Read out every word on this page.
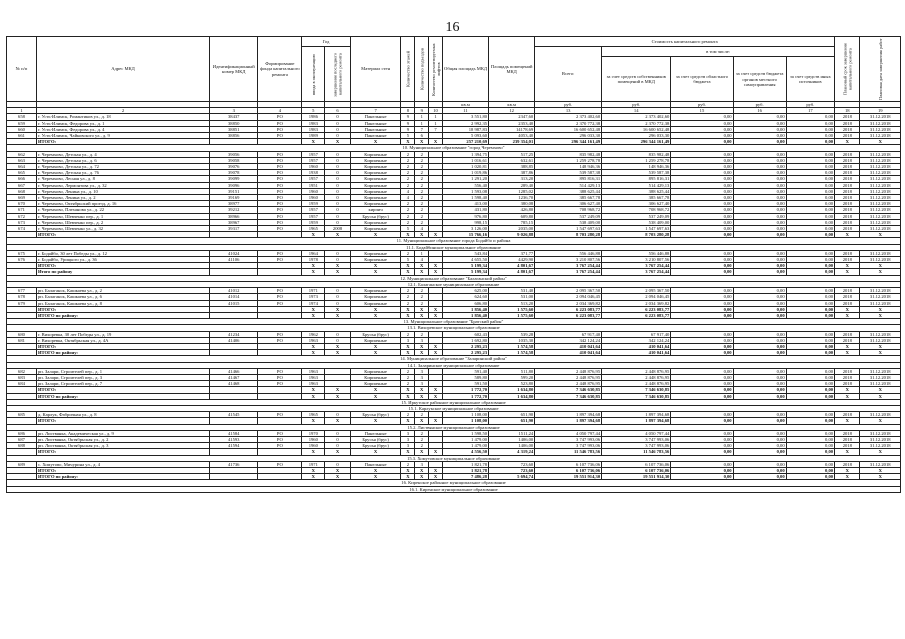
16
№ п/п	Адрес МКД	Идентификационный номер МКД	Формирование фонда капитального ремонта	Год		Материал стен	Количество этажей	Количество подъездов	Количество ремонтируемых лифтов	Общая площадь МКД	Площадь помещений МКД	Стоимость капитального ремонта					Плановый срок завершения капитального ремонта	Плановая дата завершения работ
				ввода в эксплуатацию	завершения последнего капитального ремонта							Всего:	в том числе:					
													за счет средств собственников помещений в МКД	за счет средств областного бюджета	за счет средств бюджета органов местного самоуправления	за счет средств иных источников		
										кв.м	кв.м	руб.	руб.	руб.	руб.	руб.		
1	2	3	4	5	6	7	8	9	10	11	12	13	14	15	16	17	18	19
658	г. Усть-Илимск, Романтиков ул., д. 18	38437	РО	1986	0	Панельные	9	1	1	3 551,80	2347,60	2 373 402,60	2 373 402,60	0,00	0,00	0,00	2018	31.12.2018
659	г. Усть-Илимск, Федорова ул., д. 1	38850	РО	1983	0	Панельные	9	1	1	2 992,35	2353,40	2 370 772,38	2 370 772,38	0,00	0,00	0,00	2018	31.12.2018
660	г. Усть-Илимск, Федорова ул., д. 4	38851	РО	1983	0	Панельные	9	7	7	18 987,83	14178,69	16 600 652,48	16 600 652,48	0,00	0,00	0,00	2018	31.12.2018
661	г. Усть-Илимск, Чайковского ул., д. 9	38856	РО	1989	0	Панельные	5	6		5 093,60	4053,40	296 033,30	296 033,30	0,00	0,00	0,00	2018	31.12.2018
	ИТОГО:			X	X	X	X	X	X	257 210,69	239 354,01	296 344 161,49	296 344 161,49	0,00	0,00	0,00	X	X
10. Муниципальное образование "город Черемхово"																		
662	г. Черемхово, Детская ул., д. 4	39056	РО	1957	0	Кирпичные	2	2		1 394,75	517,25	835 982,48	835 982,48	0,00	0,00	0,00	2018	31.12.2018
663	г. Черемхово, Детская ул., д. 6	39058	РО	1957	0	Кирпичные	2	2		1 016,61	632,61	1 259 278,78	1 259 278,78	0,00	0,00	0,00	2018	31.12.2018
664	г. Черемхово, Детская ул., д. 72	39076	РО	1960	0	Кирпичные	2	2		1 020,81	388,85	148 946,36	148 946,36	0,00	0,00	0,00	2018	31.12.2018
665	г. Черемхово, Детская ул., д. 76	39078	РО	1938	0	Кирпичные	2	2		1 019,86	387,86	539 587,38	539 587,38	0,00	0,00	0,00	2018	31.12.2018
666	г. Черемхово, Лесная ул., д. 8	39099	РО	1957	0	Кирпичные	2	2		1 291,20	313,20	895 816,31	895 816,31	0,00	0,00	0,00	2018	31.12.2018
667	г. Черемхово, Лермонтова ул., д. 32	39096	РО	1951	0	Кирпичные	2	2		556,40	289,40	514 429,13	514 429,13	0,00	0,00	0,00	2018	31.12.2018
668	г. Черемхово, Ленина ул., д. 10	39151	РО	1960	0	Кирпичные	4	2		1 593,08	1285,02	388 625,44	388 625,44	0,00	0,00	0,00	2018	31.12.2018
669	г. Черемхово, Ленина ул., д. 2	39169	РО	1960	0	Кирпичные	4	2		1 598,40	1236,70	385 667,78	385 667,78	0,00	0,00	0,00	2018	31.12.2018
670	г. Черемхово, Октябрьский проезд, д. 16	38977	РО	1959	0	Кирпичные	2	2		413,00	380,08	306 627,40	306 627,40	0,00	0,00	0,00	2018	31.12.2018
671	г. Черемхово, Плеханова ул., д. 22	39212	РО	1957	0	кирпич	2	2		431,80	426,80	708 968,72	708 968,72	0,00	0,00	0,00	2018	31.12.2018
672	г. Черемхово, Шевченко пер., д. 1	38966	РО	1957	0	Брусья (брус)	2	2		976,80	609,80	537 249,09	537 249,09	0,00	0,00	0,00	2018	31.12.2018
673	г. Черемхово, Шевченко пер., д. 2	38967	РО	1959	0	Кирпичные	2	2		998,15	785,15	538 409,00	538 409,00	0,00	0,00	0,00	2018	31.12.2018
674	г. Черемхово, Шевченко ул., д. 32	39317	РО	1965	2008	Кирпичные	5	4		3 126,00	2035,00	1 547 697,63	1 547 697,63	0,00	0,00	0,00	2018	31.12.2018
	ИТОГО:			X	X	X	X	X	X	15 766,16	9 026,88	8 703 280,28	8 703 280,28	0,00	0,00	0,00	X	X
11. Муниципальное образование города Бодайбо и района																		
11.1. Бодайбинское муниципальное образование																		
675	г. Бодайбо, 30 лет Победы ул., д. 12	41024	РО	1964	0	Кирпичные	2	1		543,84	371,77	556 446,88	556 446,88	0,00	0,00	0,00	2018	31.12.2018
676	г. Бодайбо, Урицкого ул., д. 36	41106	РО	1978	0	Кирпичные	5	4		4 655,50	4429,90	3 210 807,56	3 210 807,56	0,00	0,00	0,00	2018	31.12.2018
	ИТОГО:			X	X	X	X	X	X	5 199,34	4 801,67	3 767 254,44	3 767 254,44	0,00	0,00	0,00	X	X
	Итого по району			X	X	X	X	X	X	5 199,34	4 801,67	3 767 254,44	3 767 254,44	0,00	0,00	0,00	X	X
12. Муниципальное образование "Балаганский район"																		
12.1. Балаганское муниципальное образование																		
677	рп. Балаганск, Кашкаева ул., д. 2	41012	РО	1971	0	Кирпичные	2	2		625,00	531,40	2 095 367,50	2 095 367,50	0,00	0,00	0,00	2018	31.12.2018
678	рп. Балаганск, Кашкаева ул., д. 6	41014	РО	1973	0	Кирпичные	2	2		624,60	531,00	2 094 046,45	2 094 046,45	0,00	0,00	0,00	2018	31.12.2018
679	рп. Балаганск, Кашкаева ул., д. 8	41015	РО	1974	0	Кирпичные	2	2		606,80	513,20	2 034 369,82	2 034 369,82	0,00	0,00	0,00	2018	31.12.2018
	ИТОГО:			X	X	X	X	X	X	1 856,40	1 575,60	6 223 083,77	6 223 083,77	0,00	0,00	0,00	X	X
	ИТОГО по району:			X	X	X	X	X	X	1 856,40	1 575,60	6 223 083,77	6 223 083,77	0,00	0,00	0,00	X	X
13. Муниципальное образование "Братский район"																		
13.1. Вихоревское муниципальное образование																		
680	г. Вихоревка, 30 лет Победы ул., д. 19	41234	РО	1962	0	Брусья (брус)	2	2		602,43	539,28	67 917,40	67 917,40	0,00	0,00	0,00	2018	31.12.2018
681	г. Вихоревка, Октябрьская ул., д. 4А	41406	РО	1963	0	Кирпичные	3	3		1 692,80	1035,30	342 124,24	342 124,24	0,00	0,00	0,00	2018	31.12.2018
	ИТОГО:			X	X	X	X	X	X	2 295,23	1 574,58	410 041,64	410 041,64	0,00	0,00	0,00	X	X
	ИТОГО по району:			X	X	X	X	X	X	2 295,23	1 574,58	410 041,64	410 041,64	0,00	0,00	0,00	X	X
14. Муниципальное образование "Заларинский район"																		
14.1. Заларинское муниципальное образование																		
682	рп. Залари, Строителей пер., д. 1	41466	РО	1963		Кирпичные	2	3		591,40	511,80	2 448 876,95	2 448 876,95	0,00	0,00	0,00	2018	31.12.2018
683	рп. Залари, Строителей пер., д. 3	41467	РО	1963		Кирпичные	2	3		589,80	599,20	2 448 876,95	2 448 876,95	0,00	0,00	0,00	2018	31.12.2018
684	рп. Залари, Строителей пер., д. 7	41468	РО	1963		Кирпичные	2	3		591,50	523,80	2 448 876,95	2 448 876,95	0,00	0,00	0,00	2018	31.12.2018
	ИТОГО:			X	X	X	X	X	X	1 772,70	1 634,80	7 346 630,85	7 346 630,85	0,00	0,00	0,00	X	X
	ИТОГО по району:			X	X	X	X	X	X	1 772,70	1 634,80	7 346 630,85	7 346 630,85	0,00	0,00	0,00	X	X
15. Иркутское районное муниципальное образование																		
15.1. Карлукское муниципальное образование																		
685	д. Карлук, Фабричная ул., д. 8	41545	РО	1965	0	Брусья (брус)	2	2		1 108,00	651,90	1 897 394,68	1 897 394,68	0,00	0,00	0,00	2018	31.12.2018
	ИТОГО:			X	X	X	X	X	X	1 108,00	651,90	1 897 394,68	1 897 394,68	0,00	0,00	0,00	X	X
15.2. Листвянское муниципальное образование																		
686	рп. Листвянка, Академическая ул., д. 9	41584	РО	1970	0	Панельные	3	2		1 598,50	1511,24	4 050 797,44	4 050 797,44	0,00	0,00	0,00	2018	31.12.2018
687	рп. Листвянка, Октябрьская ул., д. 2	41593	РО	1960	0	Брусья (брус)	3	2		1 479,00	1406,00	3 747 993,06	3 747 993,06	0,00	0,00	0,00	2018	31.12.2018
688	рп. Листвянка, Октябрьская ул., д. 3	41594	РО	1960	0	Брусья (брус)	3	2		1 479,00	1406,00	3 747 993,06	3 747 993,06	0,00	0,00	0,00	2018	31.12.2018
	ИТОГО:			X	X	X	X	X	X	4 556,50	4 319,24	11 546 783,56	11 546 783,56	0,00	0,00	0,00	X	X
15.3. Хомутовское муниципальное образование																		
689	с. Хомутово, Мичурина ул., д. 4	41736	РО	1971	0	Панельные	2	3		1 821,78	723,60	6 107 736,06	6 107 736,06	0,00	0,00	0,00	2018	31.12.2018
	ИТОГО:			X	X	X	X	X	X	1 821,78	723,60	6 107 736,06	6 107 736,06	0,00	0,00	0,00	X	X
	ИТОГО по району:			X	X	X	X	X	X	7 486,28	5 694,74	19 551 914,30	19 551 914,30	0,00	0,00	0,00	X	X
16. Киренское районное муниципальное образование																		
16.1. Киренское муниципальное образование																		
